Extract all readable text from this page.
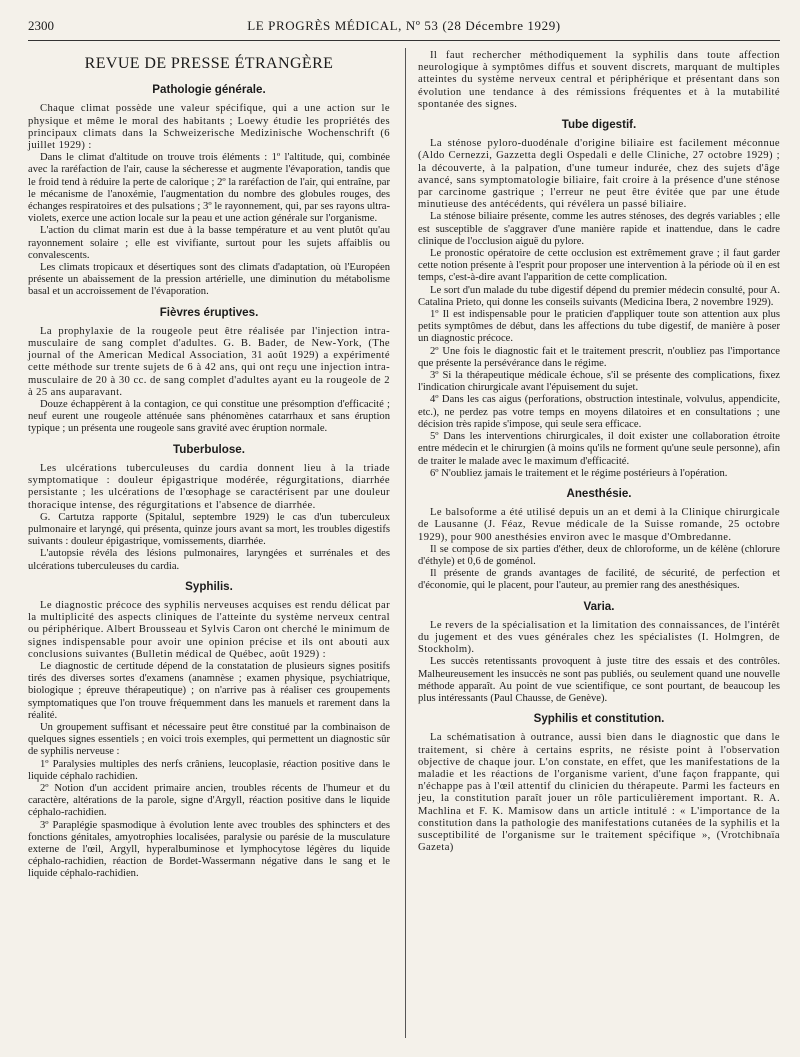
2300	LE PROGRÈS MÉDICAL, Nº 53 (28 Décembre 1929)
REVUE DE PRESSE ÉTRANGÈRE
Pathologie générale.

Chaque climat possède une valeur spécifique, qui a une action sur le physique et même le moral des habitants ; Loewy étudie les propriétés des principaux climats dans la Schweizerische Medizinische Wochenschrift (6 juillet 1929) :

Dans le climat d'altitude on trouve trois éléments : 1º l'altitude, qui, combinée avec la raréfaction de l'air, cause la sécheresse et augmente l'évaporation, tandis que le froid tend à réduire la perte de calorique ; 2º la raréfaction de l'air, qui entraîne, par le mécanisme de l'anoxémie, l'augmentation du nombre des globules rouges, des échanges respiratoires et des pulsations ; 3º le rayonnement, qui, par ses rayons ultra-violets, exerce une action locale sur la peau et une action générale sur l'organisme.

L'action du climat marin est due à la basse température et au vent plutôt qu'au rayonnement solaire ; elle est vivifiante, surtout pour les sujets affaiblis ou convalescents.

Les climats tropicaux et désertiques sont des climats d'adaptation, où l'Européen présente un abaissement de la pression artérielle, une diminution du métabolisme basal et un accroissement de l'évaporation.

Fièvres éruptives.

La prophylaxie de la rougeole peut être réalisée par l'injection intra-musculaire de sang complet d'adultes. G. B. Bader, de New-York, (The journal of the American Medical Association, 31 août 1929) a expérimenté cette méthode sur trente sujets de 6 à 42 ans, qui ont reçu une injection intra-musculaire de 20 à 30 cc. de sang complet d'adultes ayant eu la rougeole de 2 à 25 ans auparavant.

Douze échappèrent à la contagion, ce qui constitue une présomption d'efficacité ; neuf eurent une rougeole atténuée sans phénomènes catarrhaux et sans éruption typique ; un présenta une rougeole sans gravité avec éruption normale.

Tuberbulose.

Les ulcérations tuberculeuses du cardia donnent lieu à la triade symptomatique : douleur épigastrique modérée, régurgitations, diarrhée persistante ; les ulcérations de l'œsophage se caractérisent par une douleur thoracique intense, des régurgitations et l'absence de diarrhée.

G. Cartutza rapporte (Spitalul, septembre 1929) le cas d'un tuberculeux pulmonaire et laryngé, qui présenta, quinze jours avant sa mort, les troubles digestifs suivants : douleur épigastrique, vomissements, diarrhée.

L'autopsie révéla des lésions pulmonaires, laryngées et surrénales et des ulcérations tuberculeuses du cardia.

Syphilis.

Le diagnostic précoce des syphilis nerveuses acquises est rendu délicat par la multiplicité des aspects cliniques de l'atteinte du système nerveux central ou périphérique. Albert Brousseau et Sylvis Caron ont cherché le minimum de signes indispensable pour avoir une opinion précise et ils ont abouti aux conclusions suivantes (Bulletin médical de Québec, août 1929) :

Le diagnostic de certitude dépend de la constatation de plusieurs signes positifs tirés des diverses sortes d'examens (anamnèse ; examen physique, psychiatrique, biologique ; épreuve thérapeutique) ; on n'arrive pas à réaliser ces groupements symptomatiques que l'on trouve fréquemment dans les manuels et rarement dans la réalité.

Un groupement suffisant et nécessaire peut être constitué par la combinaison de quelques signes essentiels ; en voici trois exemples, qui permettent un diagnostic sûr de syphilis nerveuse :

1º Paralysies multiples des nerfs crâniens, leucoplasie, réaction positive dans le liquide céphalo rachidien.

2º Notion d'un accident primaire ancien, troubles récents de l'humeur et du caractère, altérations de la parole, signe d'Argyll, réaction positive dans le liquide céphalo-rachidien.

3º Paraplégie spasmodique à évolution lente avec troubles des sphincters et des fonctions génitales, amyotrophies localisées, paralysie ou parésie de la musculature externe de l'œil, Argyll, hyperalbuminose et lymphocytose légères du liquide céphalo-rachidien, réaction de Bordet-Wassermann négative dans le sang et le liquide céphalo-rachidien.

Il faut rechercher méthodiquement la syphilis dans toute affection neurologique à symptômes diffus et souvent discrets, marquant de multiples atteintes du système nerveux central et périphérique et présentant dans son évolution une tendance à des rémissions fréquentes et à la mutabilité spontanée des signes.

Tube digestif.

La sténose pyloro-duodénale d'origine biliaire est facilement méconnue (Aldo Cernezzi, Gazzetta degli Ospedali e delle Cliniche, 27 octobre 1929) ; la découverte, à la palpation, d'une tumeur indurée, chez des sujets d'âge avancé, sans symptomatologie biliaire, fait croire à la présence d'une sténose par carcinome gastrique ; l'erreur ne peut être évitée que par une étude minutieuse des antécédents, qui révélera un passé biliaire.

La sténose biliaire présente, comme les autres sténoses, des degrés variables ; elle est susceptible de s'aggraver d'une manière rapide et inattendue, dans le cadre clinique de l'occlusion aiguë du pylore.

Le pronostic opératoire de cette occlusion est extrêmement grave ; il faut garder cette notion présente à l'esprit pour proposer une intervention à la période où il en est temps, c'est-à-dire avant l'apparition de cette complication.

Le sort d'un malade du tube digestif dépend du premier médecin consulté, pour A. Catalina Prieto, qui donne les conseils suivants (Medicina Ibera, 2 novembre 1929).

1º Il est indispensable pour le praticien d'appliquer toute son attention aux plus petits symptômes de début, dans les affections du tube digestif, de manière à poser un diagnostic précoce.

2º Une fois le diagnostic fait et le traitement prescrit, n'oubliez pas l'importance que présente la persévérance dans le régime.

3º Si la thérapeutique médicale échoue, s'il se présente des complications, fixez l'indication chirurgicale avant l'épuisement du sujet.

4º Dans les cas aigus (perforations, obstruction intestinale, volvulus, appendicite, etc.), ne perdez pas votre temps en moyens dilatoires et en consultations ; une décision très rapide s'impose, qui seule sera efficace.

5º Dans les interventions chirurgicales, il doit exister une collaboration étroite entre médecin et le chirurgien (à moins qu'ils ne forment qu'une seule personne), afin de traiter le malade avec le maximum d'efficacité.

6º N'oubliez jamais le traitement et le régime postérieurs à l'opération.

Anesthésie.

Le balsoforme a été utilisé depuis un an et demi à la Clinique chirurgicale de Lausanne (J. Féaz, Revue médicale de la Suisse romande, 25 octobre 1929), pour 900 anesthésies environ avec le masque d'Ombredanne.

Il se compose de six parties d'éther, deux de chloroforme, un de kélène (chlorure d'éthyle) et 0,6 de goménol.

Il présente de grands avantages de facilité, de sécurité, de perfection et d'économie, qui le placent, pour l'auteur, au premier rang des anesthésiques.

Varia.

Le revers de la spécialisation et la limitation des connaissances, de l'intérêt du jugement et des vues générales chez les spécialistes (I. Holmgren, de Stockholm).

Les succès retentissants provoquent à juste titre des essais et des contrôles. Malheureusement les insuccès ne sont pas publiés, ou seulement quand une nouvelle méthode apparaît. Au point de vue scientifique, ce sont pourtant, de beaucoup les plus intéressants (Paul Chausse, de Genève).

Syphilis et constitution.

La schématisation à outrance, aussi bien dans le diagnostic que dans le traitement, si chère à certains esprits, ne résiste point à l'observation objective de chaque jour. L'on constate, en effet, que les manifestations de la maladie et les réactions de l'organisme varient, d'une façon frappante, qui n'échappe pas à l'œil attentif du clinicien du thérapeute. Parmi les facteurs en jeu, la constitution paraît jouer un rôle particulièrement important. R. A. Machlina et F. K. Mamisow dans un article intitulé : « L'importance de la constitution dans la pathologie des manifestations cutanées de la syphilis et la susceptibilité de l'organisme sur le traitement spécifique », (Vrotchibnaïa Gazeta)
